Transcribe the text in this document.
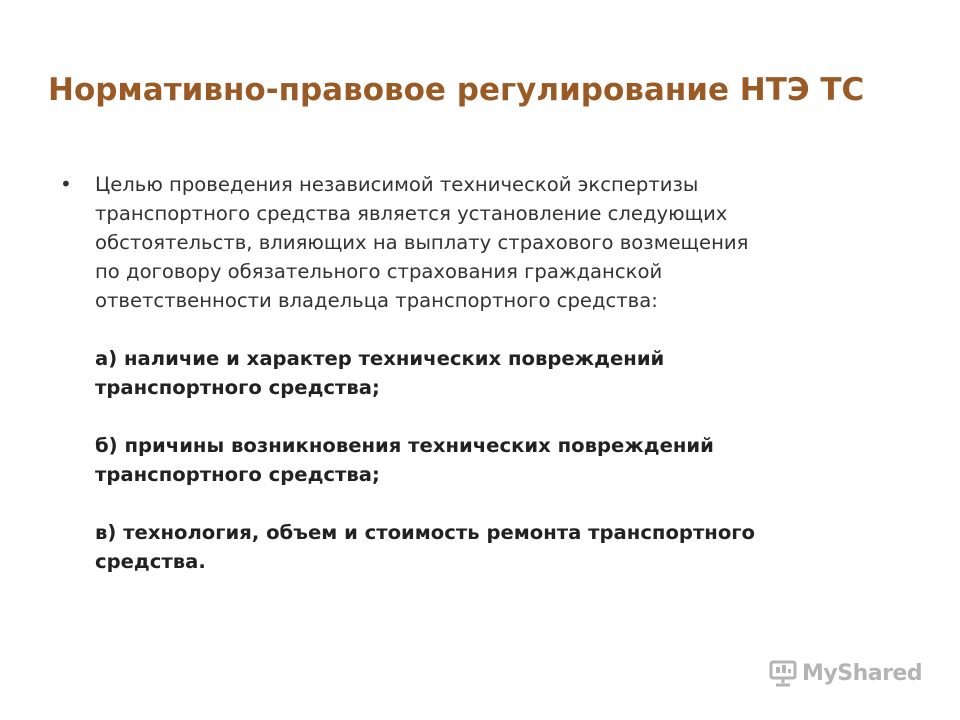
Нормативно-правовое регулирование НТЭ ТС
• Целью проведения независимой технической экспертизы
транспортного средства является установление следующих
обстоятельств, влияющих на выплату страхового возмещения
по договору обязательного страхования гражданской
ответственности владельца транспортного средства:
а) наличие и характер технических повреждений
транспортного средства;
б) причины возникновения технических повреждений
транспортного средства;
в) технология, объем и стоимость ремонта транспортного
средства.
MyShared
